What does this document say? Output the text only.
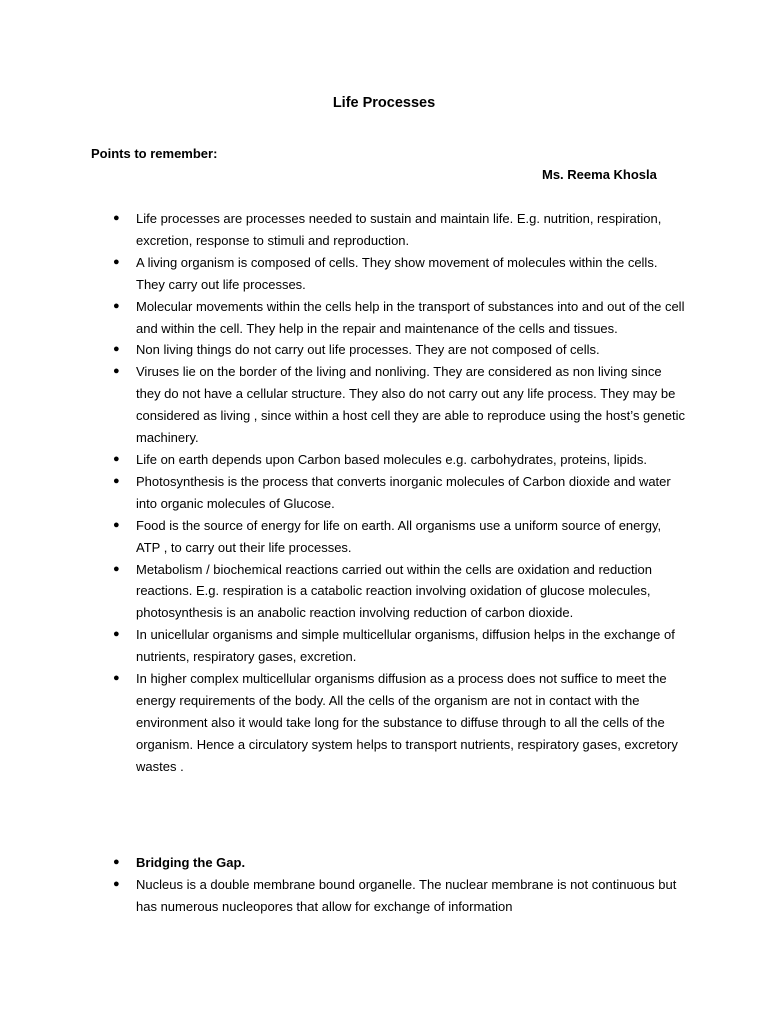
Life Processes
Points to remember:
Ms. Reema Khosla
● Life processes are processes needed to sustain and maintain life. E.g. nutrition, respiration, excretion, response to stimuli and reproduction.
● A living organism is composed of cells. They show movement of molecules within the cells. They carry out life processes.
● Molecular movements within the cells help in the transport of substances into and out of the cell and within the cell. They help in the repair and maintenance of the cells and tissues.
● Non living things do not carry out life processes. They are not composed of cells.
● Viruses lie on the border of the living and nonliving. They are considered as non living since they do not have a cellular structure. They also do not carry out any life process. They may be considered as living , since within a host cell they are able to reproduce using the host’s genetic machinery.
● Life on earth depends upon Carbon based molecules e.g. carbohydrates, proteins, lipids.
● Photosynthesis is the process that converts inorganic molecules of Carbon dioxide and water into organic molecules of Glucose.
● Food is the source of energy for life on earth. All organisms use a uniform source of energy, ATP , to carry out their life processes.
● Metabolism / biochemical reactions carried out within the cells are oxidation and reduction reactions. E.g. respiration is a catabolic reaction involving oxidation of glucose molecules, photosynthesis is an anabolic reaction involving reduction of carbon dioxide.
● In unicellular organisms and simple multicellular organisms, diffusion helps in the exchange of nutrients, respiratory gases, excretion.
● In higher complex multicellular organisms diffusion as a process does not suffice to meet the energy requirements of the body. All the cells of the organism are not in contact with the environment also it would take long for the substance to diffuse through to all the cells of the organism. Hence a circulatory system helps to transport nutrients, respiratory gases, excretory wastes .
● Bridging the Gap.
● Nucleus is a double membrane bound organelle. The nuclear membrane is not continuous but has numerous nucleopores that allow for exchange of information
